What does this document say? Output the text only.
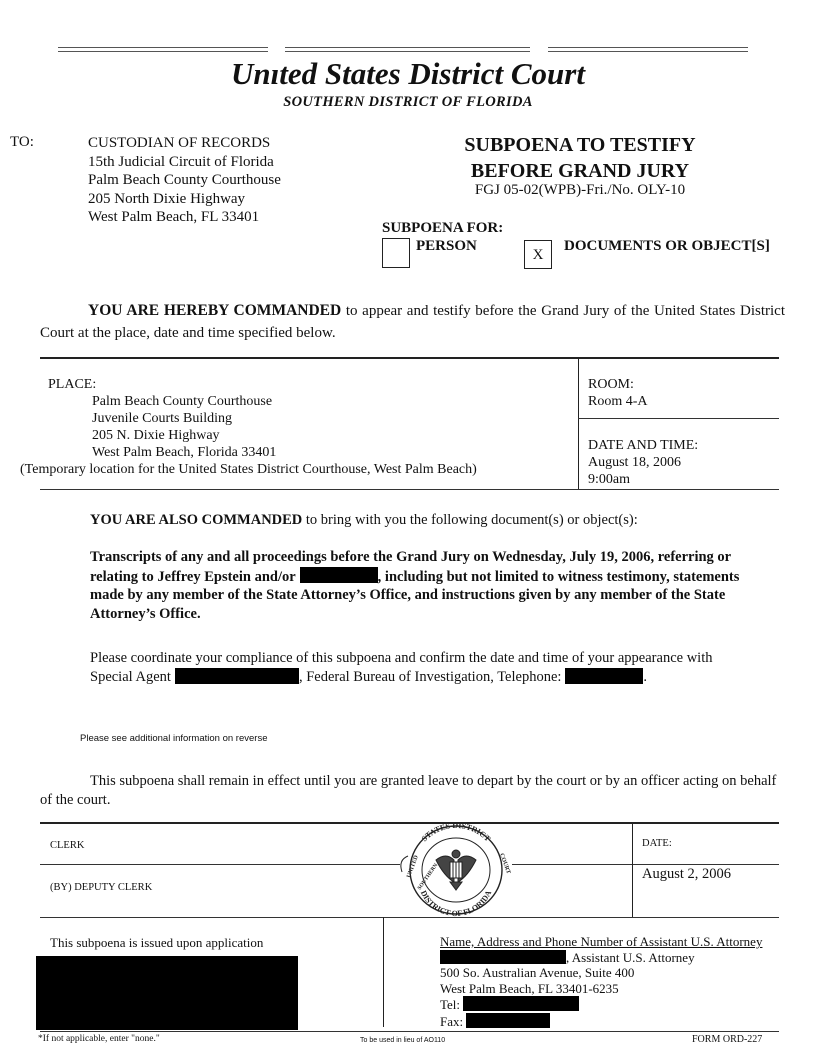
Unıted States District Court
SOUTHERN DISTRICT OF FLORIDA
TO:	CUSTODIAN OF RECORDS
15th Judicial Circuit of Florida
Palm Beach County Courthouse
205 North Dixie Highway
West Palm Beach, FL 33401
SUBPOENA TO TESTIFY
BEFORE GRAND JURY
FGJ 05-02(WPB)-Fri./No. OLY-10
SUBPOENA FOR:
PERSON
X
DOCUMENTS OR OBJECT[S]
YOU ARE HEREBY COMMANDED to appear and testify before the Grand Jury of the United States District Court at the place, date and time specified below.
PLACE:
Palm Beach County Courthouse
Juvenile Courts Building
205 N. Dixie Highway
West Palm Beach, Florida 33401
(Temporary location for the United States District Courthouse, West Palm Beach)
ROOM:
Room 4-A
DATE AND TIME:
August 18, 2006
9:00am
YOU ARE ALSO COMMANDED to bring with you the following document(s) or object(s):
Transcripts of any and all proceedings before the Grand Jury on Wednesday, July 19, 2006, referring or relating to Jeffrey Epstein and/or	, including but not limited to witness testimony, statements made by any member of the State Attorney’s Office, and instructions given by any member of the State Attorney’s Office.
Please coordinate your compliance of this subpoena and confirm the date and time of your appearance with Special Agent	, Federal Bureau of Investigation, Telephone:	.
Please see additional information on reverse
This subpoena shall remain in effect until you are granted leave to depart by the court or by an officer acting on behalf of the court.
CLERK
(BY) DEPUTY CLERK
DATE:
August 2, 2006
STATES DISTRICT
DISTRICT OF FLORIDA
UNITED	COURT
SOUTHERN
This subpoena is issued upon application	Name, Address and Phone Number of Assistant U.S. Attorney
, Assistant U.S. Attorney
500 So. Australian Avenue, Suite 400
West Palm Beach, FL 33401-6235
Tel:
Fax:
*If not applicable, enter "none."	To be used in lieu of AO110	FORM ORD-227
